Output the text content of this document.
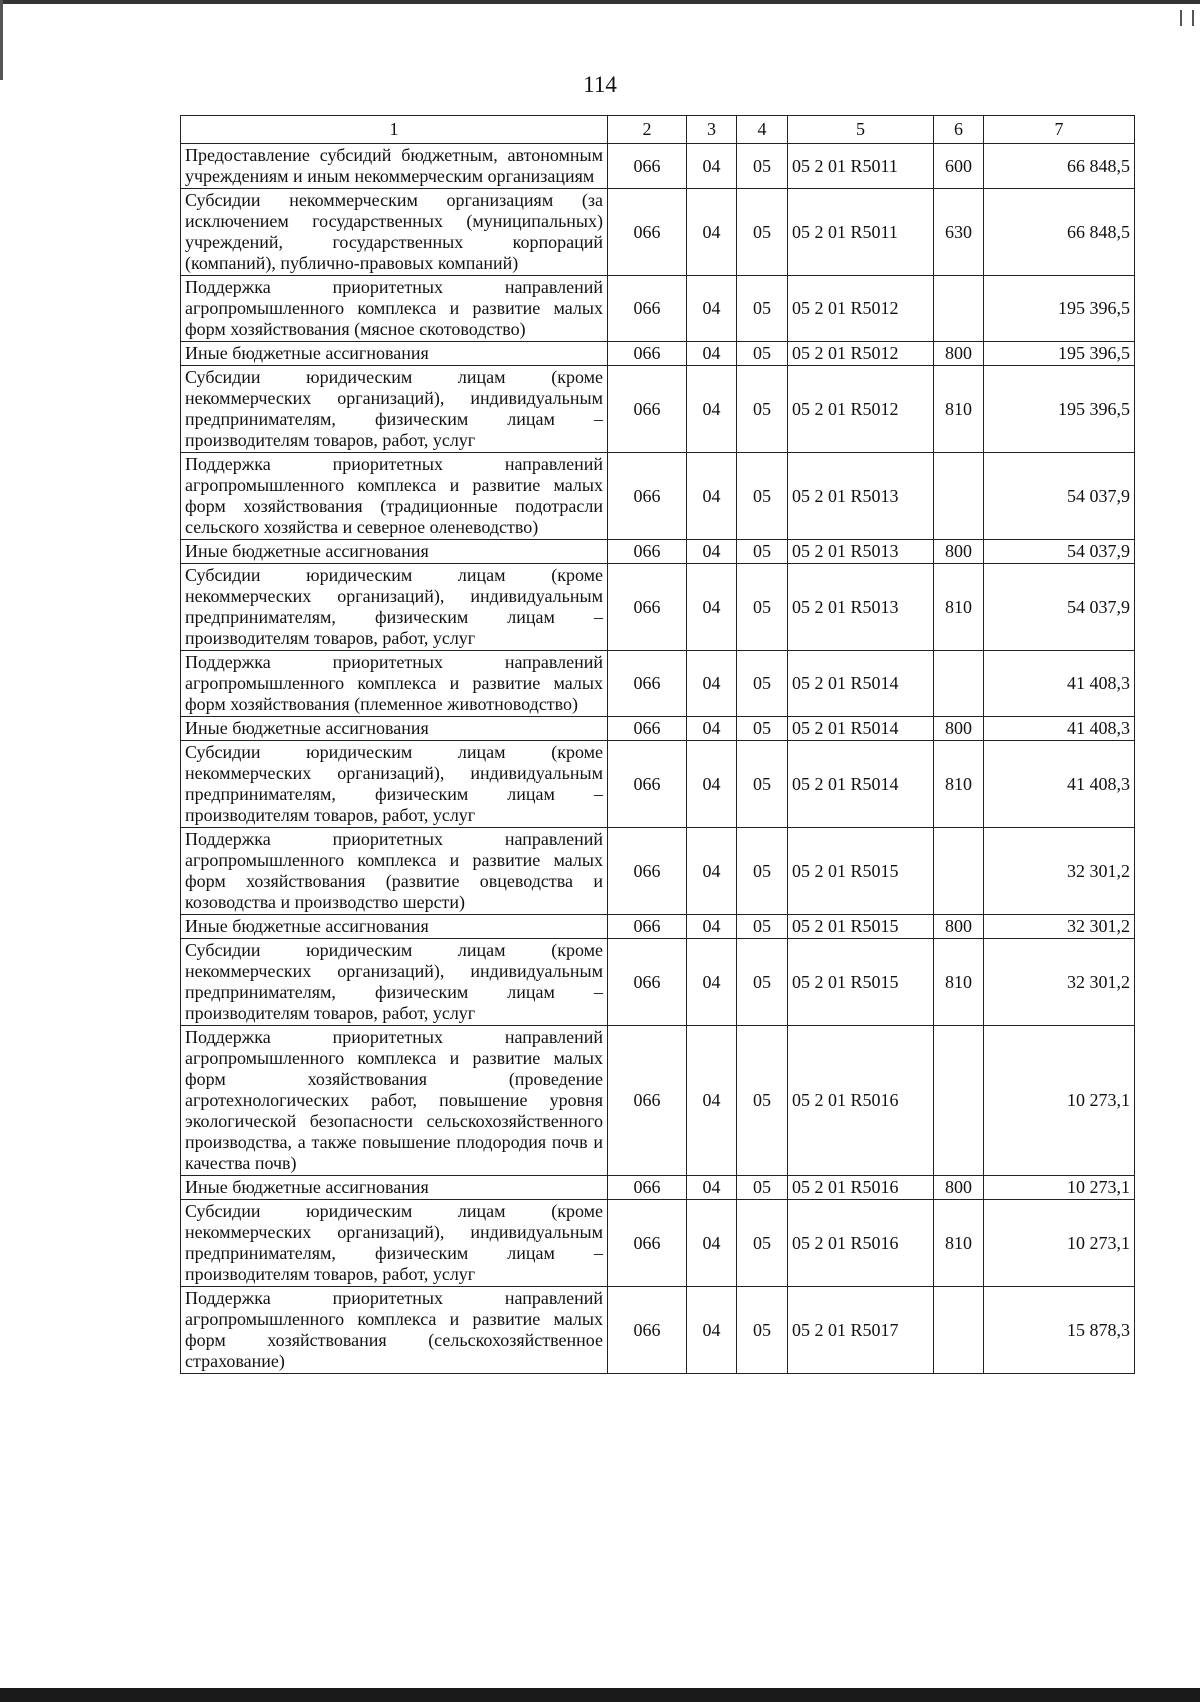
114
1	2	3	4	5	6	7
Предоставление субсидий бюджетным, автономным учреждениям и иным некоммерческим организациям	066	04	05	05 2 01 R5011	600	66 848,5
Субсидии некоммерческим организациям (за исключением государственных (муниципальных) учреждений, государственных корпораций (компаний), публично-правовых компаний)	066	04	05	05 2 01 R5011	630	66 848,5
Поддержка приоритетных направлений агропромышленного комплекса и развитие малых форм хозяйствования (мясное скотоводство)	066	04	05	05 2 01 R5012		195 396,5
Иные бюджетные ассигнования	066	04	05	05 2 01 R5012	800	195 396,5
Субсидии юридическим лицам (кроме некоммерческих организаций), индивидуальным предпринимателям, физическим лицам – производителям товаров, работ, услуг	066	04	05	05 2 01 R5012	810	195 396,5
Поддержка приоритетных направлений агропромышленного комплекса и развитие малых форм хозяйствования (традиционные подотрасли сельского хозяйства и северное оленеводство)	066	04	05	05 2 01 R5013		54 037,9
Иные бюджетные ассигнования	066	04	05	05 2 01 R5013	800	54 037,9
Субсидии юридическим лицам (кроме некоммерческих организаций), индивидуальным предпринимателям, физическим лицам – производителям товаров, работ, услуг	066	04	05	05 2 01 R5013	810	54 037,9
Поддержка приоритетных направлений агропромышленного комплекса и развитие малых форм хозяйствования (племенное животноводство)	066	04	05	05 2 01 R5014		41 408,3
Иные бюджетные ассигнования	066	04	05	05 2 01 R5014	800	41 408,3
Субсидии юридическим лицам (кроме некоммерческих организаций), индивидуальным предпринимателям, физическим лицам – производителям товаров, работ, услуг	066	04	05	05 2 01 R5014	810	41 408,3
Поддержка приоритетных направлений агропромышленного комплекса и развитие малых форм хозяйствования (развитие овцеводства и козоводства и производство шерсти)	066	04	05	05 2 01 R5015		32 301,2
Иные бюджетные ассигнования	066	04	05	05 2 01 R5015	800	32 301,2
Субсидии юридическим лицам (кроме некоммерческих организаций), индивидуальным предпринимателям, физическим лицам – производителям товаров, работ, услуг	066	04	05	05 2 01 R5015	810	32 301,2
Поддержка приоритетных направлений агропромышленного комплекса и развитие малых форм хозяйствования (проведение агротехнологических работ, повышение уровня экологической безопасности сельскохозяйственного производства, а также повышение плодородия почв и качества почв)	066	04	05	05 2 01 R5016		10 273,1
Иные бюджетные ассигнования	066	04	05	05 2 01 R5016	800	10 273,1
Субсидии юридическим лицам (кроме некоммерческих организаций), индивидуальным предпринимателям, физическим лицам – производителям товаров, работ, услуг	066	04	05	05 2 01 R5016	810	10 273,1
Поддержка приоритетных направлений агропромышленного комплекса и развитие малых форм хозяйствования (сельскохозяйственное страхование)	066	04	05	05 2 01 R5017		15 878,3
